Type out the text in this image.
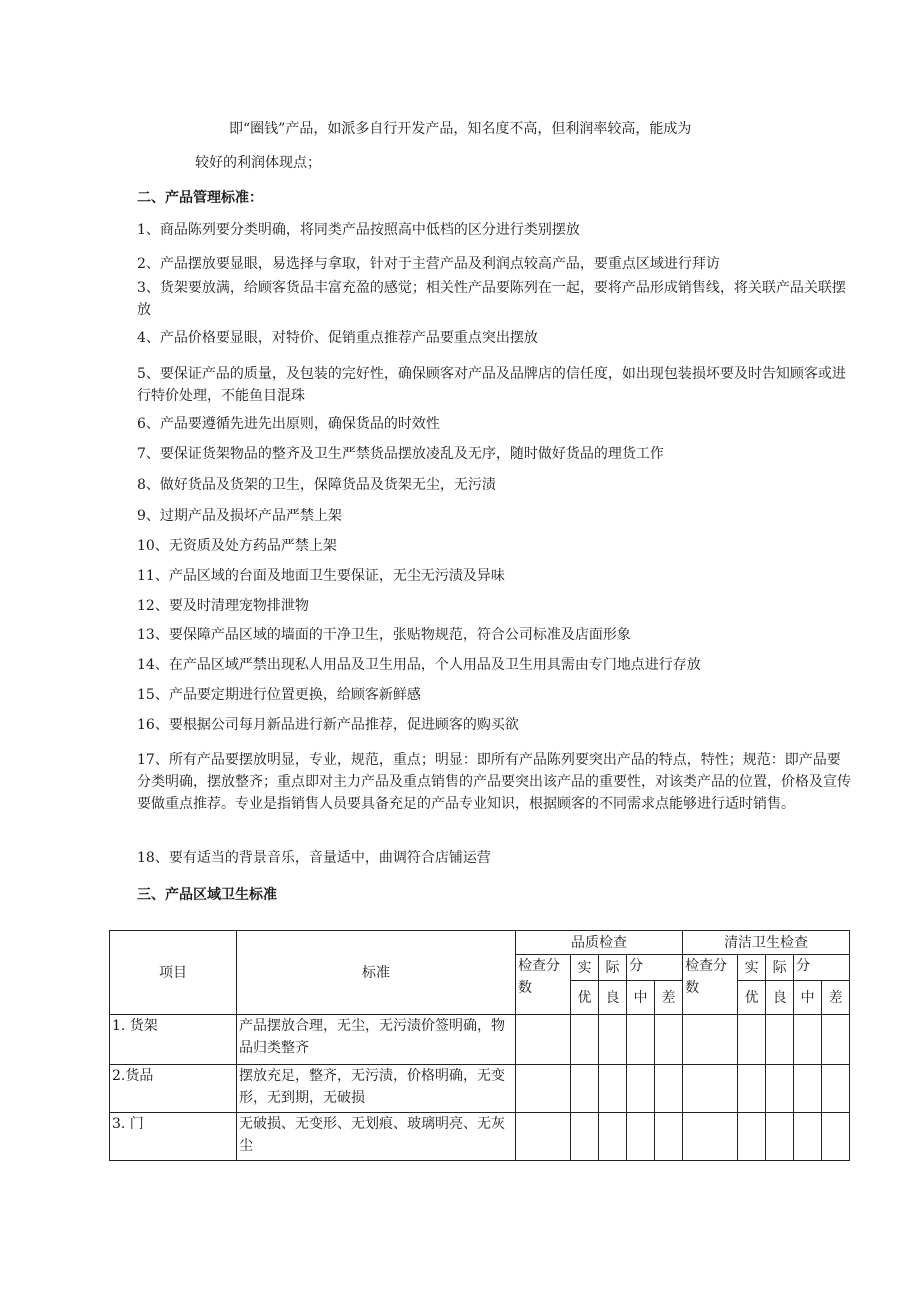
即“圈钱”产品，如派多自行开发产品，知名度不高，但利润率较高，能成为
较好的利润体现点；
二、产品管理标准：
1、商品陈列要分类明确，将同类产品按照高中低档的区分进行类别摆放
2、产品摆放要显眼，易选择与拿取，针对于主营产品及利润点较高产品，要重点区域进行拜访
3、货架要放满，给顾客货品丰富充盈的感觉；相关性产品要陈列在一起，要将产品形成销售线，将关联产品关联摆放
4、产品价格要显眼，对特价、促销重点推荐产品要重点突出摆放
5、要保证产品的质量，及包装的完好性，确保顾客对产品及品牌店的信任度，如出现包装损坏要及时告知顾客或进行特价处理，不能鱼目混珠
6、产品要遵循先进先出原则，确保货品的时效性
7、要保证货架物品的整齐及卫生严禁货品摆放凌乱及无序，随时做好货品的理货工作
8、做好货品及货架的卫生，保障货品及货架无尘，无污渍
9、过期产品及损坏产品严禁上架
10、无资质及处方药品严禁上架
11、产品区域的台面及地面卫生要保证，无尘无污渍及异味
12、要及时清理宠物排泄物
13、要保障产品区域的墙面的干净卫生，张贴物规范，符合公司标准及店面形象
14、在产品区域严禁出现私人用品及卫生用品，个人用品及卫生用具需由专门地点进行存放
15、产品要定期进行位置更换，给顾客新鲜感
16、要根据公司每月新品进行新产品推荐，促进顾客的购买欲
17、所有产品要摆放明显，专业，规范，重点；明显：即所有产品陈列要突出产品的特点，特性；规范：即产品要分类明确，摆放整齐；重点即对主力产品及重点销售的产品要突出该产品的重要性，对该类产品的位置，价格及宣传要做重点推荐。专业是指销售人员要具备充足的产品专业知识，根据顾客的不同需求点能够进行适时销售。
18、要有适当的背景音乐，音量适中，曲调符合店铺运营
三、产品区域卫生标准
项目	标准	品质检查					清洁卫生检查				
		检查分数	实	际	分		检查分数	实	际	分	
			优	良	中	差		优	良	中	差
1. 货架	产品摆放合理，无尘，无污渍价签明确，物品归类整齐										
2.货品	摆放充足，整齐，无污渍，价格明确，无变形，无到期，无破损										
3. 门	无破损、无变形、无划痕、玻璃明亮、无灰尘										
